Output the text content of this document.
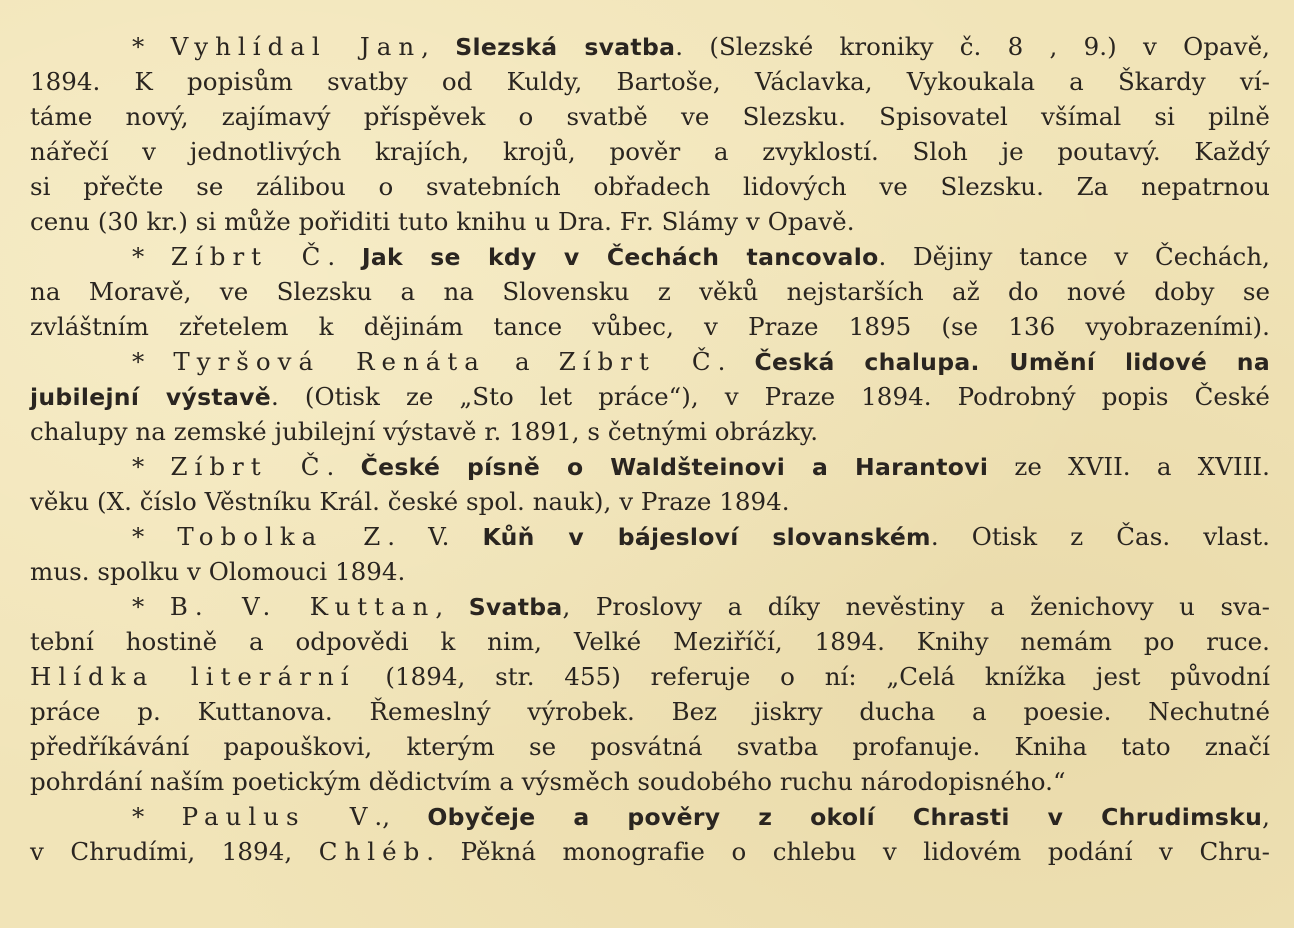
* Vyhlídal Jan, Slezská svatba. (Slezské kroniky č. 8 , 9.) v Opavě,
1894. K popisům svatby od Kuldy, Bartoše, Václavka, Vykoukala a Škardy ví-
táme nový, zajímavý příspěvek o svatbě ve Slezsku. Spisovatel všímal si pilně
nářečí v jednotlivých krajích, krojů, pověr a zvyklostí. Sloh je poutavý. Každý
si přečte se zálibou o svatebních obřadech lidových ve Slezsku. Za nepatrnou
cenu (30 kr.) si může pořiditi tuto knihu u Dra. Fr. Slámy v Opavě.
* Zíbrt Č. Jak se kdy v Čechách tancovalo. Dějiny tance v Čechách,
na Moravě, ve Slezsku a na Slovensku z věků nejstarších až do nové doby se
zvláštním zřetelem k dějinám tance vůbec, v Praze 1895 (se 136 vyobrazeními).
* Tyršová Renáta a Zíbrt Č. Česká chalupa. Umění lidové na
jubilejní výstavě. (Otisk ze „Sto let práce“), v Praze 1894. Podrobný popis České
chalupy na zemské jubilejní výstavě r. 1891, s četnými obrázky.
* Zíbrt Č. České písně o Waldšteinovi a Harantovi ze XVII. a XVIII.
věku (X. číslo Věstníku Král. české spol. nauk), v Praze 1894.
* Tobolka Z. V. Kůň v bájesloví slovanském. Otisk z Čas. vlast.
mus. spolku v Olomouci 1894.
* B. V. Kuttan, Svatba, Proslovy a díky nevěstiny a ženichovy u sva-
tební hostině a odpovědi k nim, Velké Meziříčí, 1894. Knihy nemám po ruce.
Hlídka literární (1894, str. 455) referuje o ní: „Celá knížka jest původní
práce p. Kuttanova. Řemeslný výrobek. Bez jiskry ducha a poesie. Nechutné
předříkávání papouškovi, kterým se posvátná svatba profanuje. Kniha tato značí
pohrdání naším poetickým dědictvím a výsměch soudobého ruchu národopisného.“
* Paulus V., Obyčeje a pověry z okolí Chrasti v Chrudimsku,
v Chrudími, 1894, Chléb. Pěkná monografie o chlebu v lidovém podání v Chru-
